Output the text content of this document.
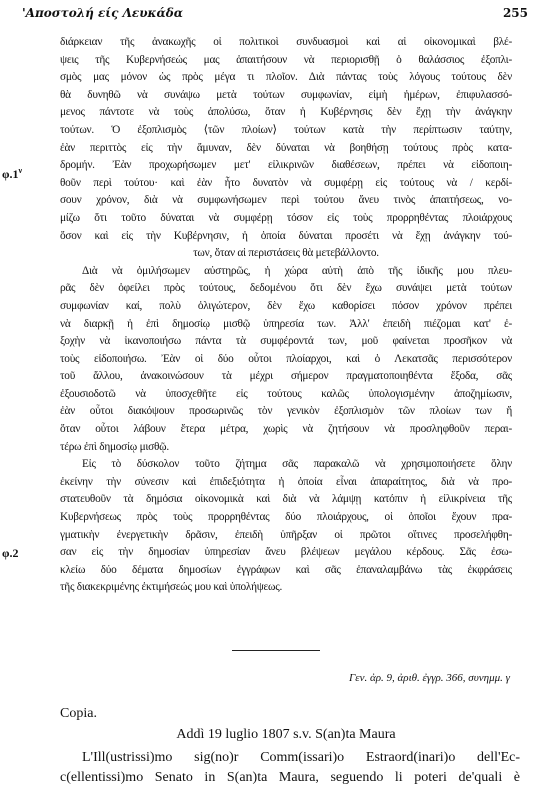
'Αποστολή είς Λευκάδα	255
$\varphi.1^\nu$
φ.2
διάρκειαν τῆς ἀνακωχῆς οἱ πολιτικοὶ συνδυασμοὶ καὶ αἱ οἰκονομικαὶ βλέ-
ψεις τῆς Κυβερνήσεώς μας ἀπαιτήσουν νὰ περιορισθῇ ὁ θαλάσσιος ἐξοπλι-
σμὸς μας μόνον ὡς πρὸς μέγα τι πλοῖον. Διὰ πάντας τοὺς λόγους τούτους δὲν
θὰ δυνηθῶ νὰ συνάψω μετὰ τούτων συμφωνίαν, εἰμὴ ἠμέρων, ἐπιφυλασσό-
μενος πάντοτε νὰ τοὺς ἀπολύσω, ὅταν ἡ Κυβέρνησις δὲν ἔχῃ τὴν ἀνάγκην
τούτων. Ὁ ἐξοπλισμὸς ⟨τῶν πλοίων⟩ τούτων κατὰ τὴν περίπτωσιν ταύτην,
ἐὰν περιττὸς εἰς τὴν ἄμυναν, δὲν δύναται νὰ βοηθήσῃ τούτους πρὸς κατα-
δρομήν. Ἐὰν προχωρήσωμεν μετ' εἰλικρινῶν διαθέσεων, πρέπει νὰ εἰδοποιη-
θοῦν περὶ τούτου· καὶ ἐὰν ἦτο δυνατὸν νὰ συμφέρῃ εἰς τούτους νὰ / κερδί-
σουν χρόνον, διὰ νὰ συμφωνήσωμεν περὶ τούτου ἄνευ τινὸς ἀπαιτήσεως, νο-
μίζω ὅτι τοῦτο δύναται νὰ συμφέρῃ τόσον εἰς τοὺς προρρηθέντας πλοιάρχους
ὅσον καὶ εἰς τὴν Κυβέρνησιν, ἡ ὁποία δύναται προσέτι νὰ ἔχῃ ἀνάγκην τού-
των, ὅταν αἱ περιστάσεις θὰ μετεβάλλοντο.
Διὰ νὰ ὁμιλήσωμεν αὐστηρῶς, ἡ χώρα αὐτὴ ἀπὸ τῆς ἰδικῆς μου πλευ-
ρᾶς δὲν ὀφείλει πρὸς τούτους, δεδομένου ὅτι δὲν ἔχω συνάψει μετὰ τούτων
συμφωνίαν καί, πολὺ ὀλιγώτερον, δὲν ἔχω καθορίσει πόσον χρόνον πρέπει
νὰ διαρκῇ ἡ ἐπὶ δημοσίῳ μισθῷ ὑπηρεσία των. Ἀλλ' ἐπειδὴ πιέζομαι κατ' ἐ-
ξοχὴν νὰ ἱκανοποιήσω πάντα τὰ συμφέροντά των, μοῦ φαίνεται προσῆκον νὰ
τοὺς εἰδοποιήσω. Ἐὰν οἱ δύο οὗτοι πλοίαρχοι, καὶ ὁ Λεκατσᾶς περισσότερον
τοῦ ἄλλου, ἀνακοινώσουν τὰ μέχρι σήμερον πραγματοποιηθέντα ἔξοδα, σᾶς
ἐξουσιοδοτῶ νὰ ὑποσχεθῆτε εἰς τούτους καλῶς ὑπολογισμένην ἀποζημίωσιν,
ἐὰν οὗτοι διακόψουν προσωρινῶς τὸν γενικὸν ἐξοπλισμὸν τῶν πλοίων των ἤ
ὅταν οὗτοι λάβουν ἕτερα μέτρα, χωρὶς νὰ ζητήσουν νὰ προσληφθοῦν περαι-
τέρω ἐπὶ δημοσίῳ μισθῷ.
Εἰς τὸ δύσκολον τοῦτο ζήτημα σᾶς παρακαλῶ νὰ χρησιμοποιήσετε ὅλην
ἐκείνην τὴν σύνεσιν καὶ ἐπιδεξιότητα ἡ ὁποία εἶναι ἀπαραίτητος, διὰ νὰ προ-
στατευθοῦν τὰ δημόσια οἰκονομικὰ καὶ διὰ νὰ λάμψῃ κατόπιν ἡ εἰλικρίνεια τῆς
Κυβερνήσεως πρὸς τοὺς προρρηθέντας δύο πλοιάρχους, οἱ ὁποῖοι ἔχουν πρα-
γματικὴν ἐνεργετικὴν δρᾶσιν, ἐπειδὴ ὑπῆρξαν οἱ πρῶτοι οἵτινες προσελήφθη-
σαν εἰς τὴν δημοσίαν ὑπηρεσίαν ἄνευ βλέψεων μεγάλου κέρδους. Σᾶς ἐσω-
κλείω δύο δέματα δημοσίων ἐγγράφων καὶ σᾶς ἐπαναλαμβάνω τὰς ἐκφράσεις
τῆς διακεκριμένης ἐκτιμήσεώς μου καὶ ὑπολήψεως.
Γεν. ἀρ. 9, ἀριθ. ἐγγρ. 366, συνημμ. γ
Copia.
Addì 19 luglio 1807 s.v. S(an)ta Maura
L'Ill(ustrissi)mo sig(no)r Comm(issari)o Estraord(inari)o dell'Ec-
c(ellentissi)mo Senato in S(an)ta Maura, seguendo li poteri de'quali è
